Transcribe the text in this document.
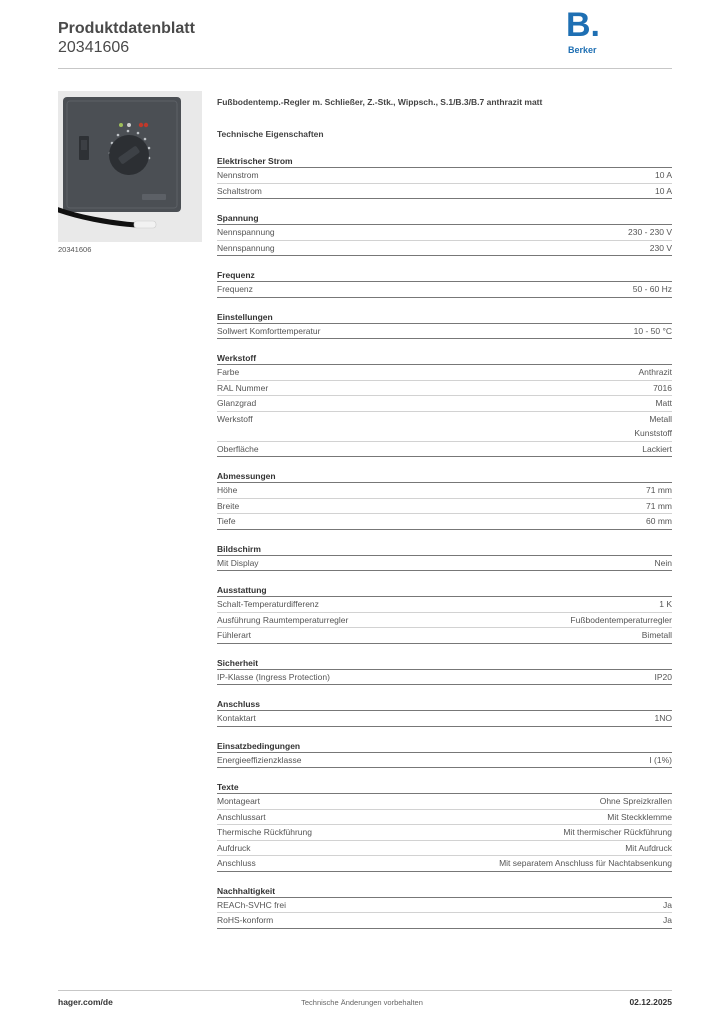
Produktdatenblatt
20341606
B.
Berker
20341606
Fußbodentemp.-Regler m. Schließer, Z.-Stk., Wippsch., S.1/B.3/B.7 anthrazit matt
Technische Eigenschaften
Elektrischer Strom
Nennstrom	10 A
Schaltstrom	10 A
Spannung
Nennspannung	230 - 230 V
Nennspannung	230 V
Frequenz
Frequenz	50 - 60 Hz
Einstellungen
Sollwert Komforttemperatur	10 - 50 °C
Werkstoff
Farbe	Anthrazit
RAL Nummer	7016
Glanzgrad	Matt
Werkstoff	Metall
Kunststoff
Oberfläche	Lackiert
Abmessungen
Höhe	71 mm
Breite	71 mm
Tiefe	60 mm
Bildschirm
Mit Display	Nein
Ausstattung
Schalt-Temperaturdifferenz	1 K
Ausführung Raumtemperaturregler	Fußbodentemperaturregler
Fühlerart	Bimetall
Sicherheit
IP-Klasse (Ingress Protection)	IP20
Anschluss
Kontaktart	1NO
Einsatzbedingungen
Energieeffizienzklasse	I (1%)
Texte
Montageart	Ohne Spreizkrallen
Anschlussart	Mit Steckklemme
Thermische Rückführung	Mit thermischer Rückführung
Aufdruck	Mit Aufdruck
Anschluss	Mit separatem Anschluss für Nachtabsenkung
Nachhaltigkeit
REACh-SVHC frei	Ja
RoHS-konform	Ja
hager.com/de	Technische Änderungen vorbehalten	02.12.2025
